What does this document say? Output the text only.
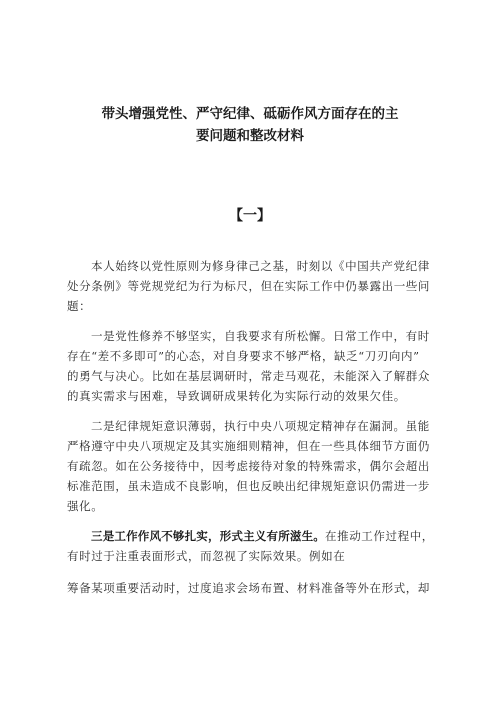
带头增强党性、严守纪律、砥砺作风方面存在的主
要问题和整改材料
【一】
本人始终以党性原则为修身律己之基，时刻以《中国共产党纪律
处分条例》等党规党纪为行为标尺，但在实际工作中仍暴露出一些问
题：
一是党性修养不够坚实，自我要求有所松懈。日常工作中，有时
存在“差不多即可”的心态，对自身要求不够严格，缺乏“刀刃向内”
的勇气与决心。比如在基层调研时，常走马观花，未能深入了解群众
的真实需求与困难，导致调研成果转化为实际行动的效果欠佳。
二是纪律规矩意识薄弱，执行中央八项规定精神存在漏洞。虽能
严格遵守中央八项规定及其实施细则精神，但在一些具体细节方面仍
有疏忽。如在公务接待中，因考虑接待对象的特殊需求，偶尔会超出
标准范围，虽未造成不良影响，但也反映出纪律规矩意识仍需进一步
强化。
三是工作作风不够扎实，形式主义有所滋生。在推动工作过程中，
有时过于注重表面形式，而忽视了实际效果。例如在
筹备某项重要活动时，过度追求会场布置、材料准备等外在形式，却
